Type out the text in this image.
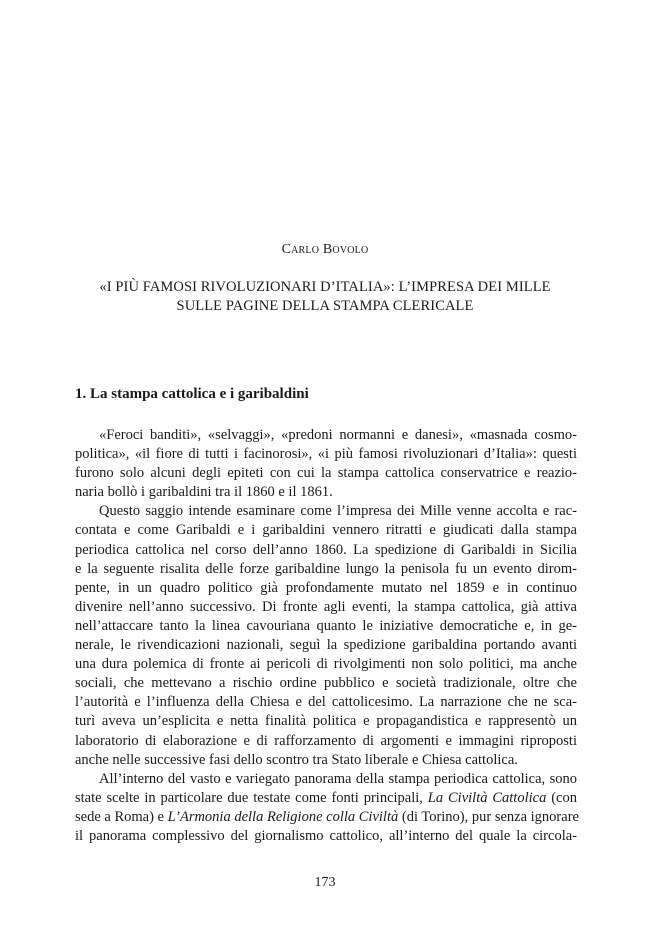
Carlo Bovolo
«I PIÙ FAMOSI RIVOLUZIONARI D’ITALIA»: L’IMPRESA DEI MILLE
SULLE PAGINE DELLA STAMPA CLERICALE
1. La stampa cattolica e i garibaldini
«Feroci banditi», «selvaggi», «predoni normanni e danesi», «masnada cosmo-
politica», «il fiore di tutti i facinorosi», «i più famosi rivoluzionari d’Italia»: questi
furono solo alcuni degli epiteti con cui la stampa cattolica conservatrice e reazio-
naria bollò i garibaldini tra il 1860 e il 1861.
Questo saggio intende esaminare come l’impresa dei Mille venne accolta e rac-
contata e come Garibaldi e i garibaldini vennero ritratti e giudicati dalla stampa
periodica cattolica nel corso dell’anno 1860. La spedizione di Garibaldi in Sicilia
e la seguente risalita delle forze garibaldine lungo la penisola fu un evento dirom-
pente, in un quadro politico già profondamente mutato nel 1859 e in continuo
divenire nell’anno successivo. Di fronte agli eventi, la stampa cattolica, già attiva
nell’attaccare tanto la linea cavouriana quanto le iniziative democratiche e, in ge-
nerale, le rivendicazioni nazionali, seguì la spedizione garibaldina portando avanti
una dura polemica di fronte ai pericoli di rivolgimenti non solo politici, ma anche
sociali, che mettevano a rischio ordine pubblico e società tradizionale, oltre che
l’autorità e l’influenza della Chiesa e del cattolicesimo. La narrazione che ne sca-
turì aveva un’esplicita e netta finalità politica e propagandistica e rappresentò un
laboratorio di elaborazione e di rafforzamento di argomenti e immagini riproposti
anche nelle successive fasi dello scontro tra Stato liberale e Chiesa cattolica.
All’interno del vasto e variegato panorama della stampa periodica cattolica, sono
state scelte in particolare due testate come fonti principali, La Civiltà Cattolica (con
sede a Roma) e L’Armonia della Religione colla Civiltà (di Torino), pur senza ignorare
il panorama complessivo del giornalismo cattolico, all’interno del quale la circola-
173
